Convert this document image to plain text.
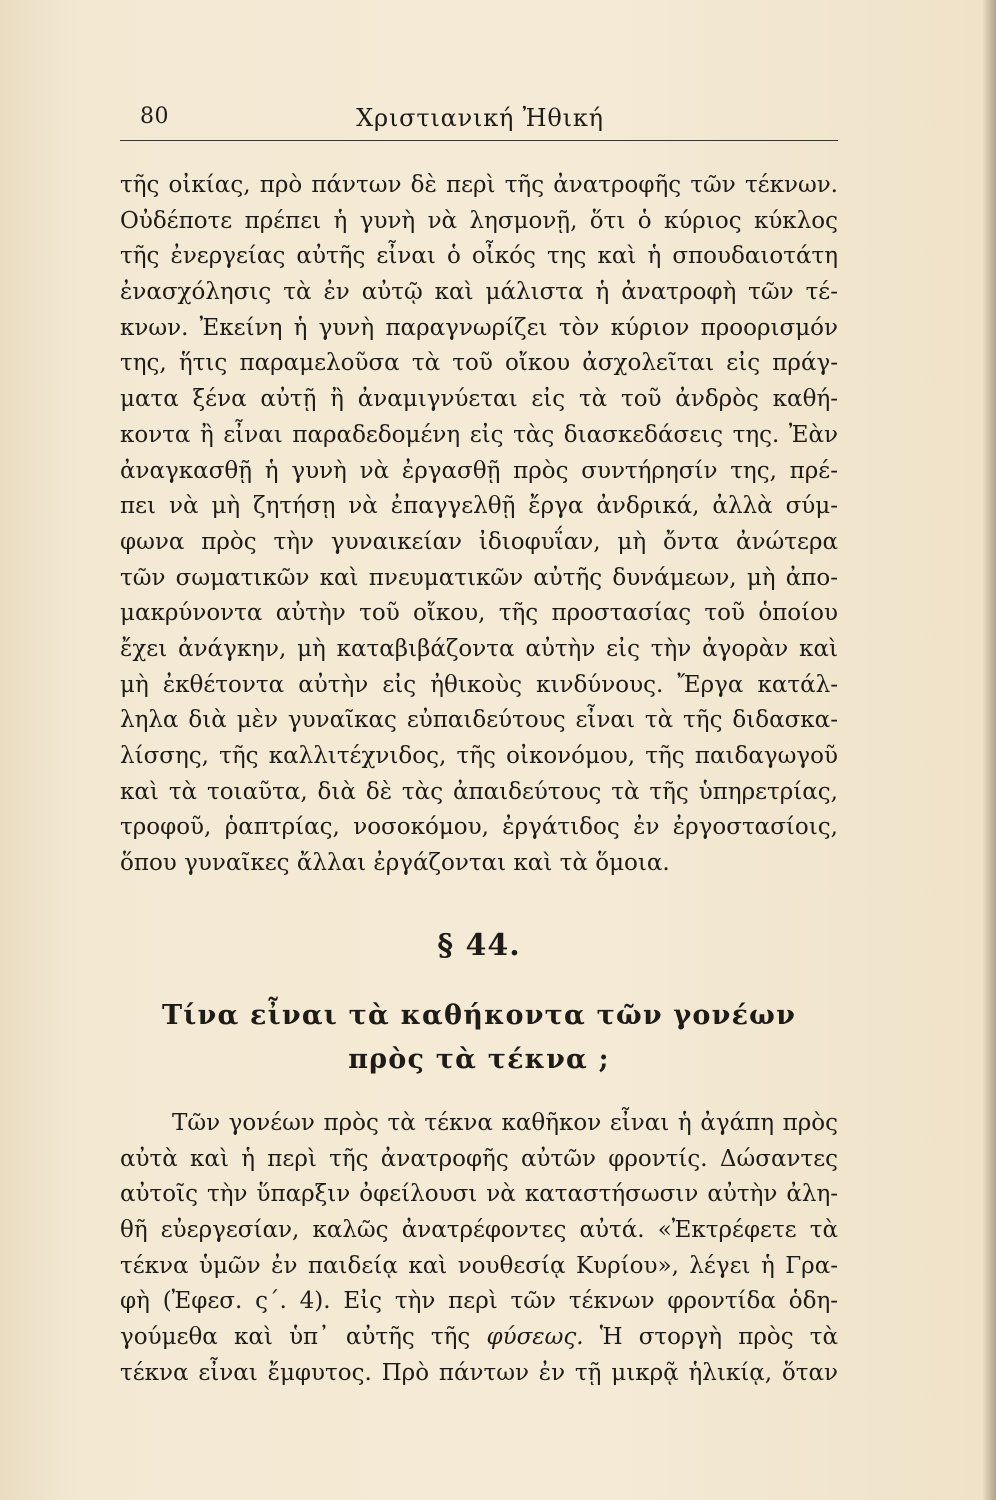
80	Χριστιανική Ἠθική
τῆς οἰκίας, πρὸ πάντων δὲ περὶ τῆς ἀνατροφῆς τῶν τέκνων.
Οὐδέποτε πρέπει ἡ γυνὴ νὰ λησμονῇ, ὅτι ὁ κύριος κύκλος
τῆς ἐνεργείας αὐτῆς εἶναι ὁ οἶκός της καὶ ἡ σπουδαιοτάτη
ἐνασχόλησις τὰ ἐν αὐτῷ καὶ μάλιστα ἡ ἀνατροφὴ τῶν τέ-
κνων. Ἐκείνη ἡ γυνὴ παραγνωρίζει τὸν κύριον προορισμόν
της, ἥτις παραμελοῦσα τὰ τοῦ οἴκου ἀσχολεῖται εἰς πράγ-
ματα ξένα αὐτῇ ἢ ἀναμιγνύεται εἰς τὰ τοῦ ἀνδρὸς καθή-
κοντα ἢ εἶναι παραδεδομένη εἰς τὰς διασκεδάσεις της. Ἐὰν
ἀναγκασθῇ ἡ γυνὴ νὰ ἐργασθῇ πρὸς συντήρησίν της, πρέ-
πει νὰ μὴ ζητήσῃ νὰ ἐπαγγελθῇ ἔργα ἀνδρικά, ἀλλὰ σύμ-
φωνα πρὸς τὴν γυναικείαν ἰδιοφυΐαν, μὴ ὄντα ἀνώτερα
τῶν σωματικῶν καὶ πνευματικῶν αὐτῆς δυνάμεων, μὴ ἀπο-
μακρύνοντα αὐτὴν τοῦ οἴκου, τῆς προστασίας τοῦ ὁποίου
ἔχει ἀνάγκην, μὴ καταβιβάζοντα αὐτὴν εἰς τὴν ἀγορὰν καὶ
μὴ ἐκθέτοντα αὐτὴν εἰς ἠθικοὺς κινδύνους. Ἔργα κατάλ-
ληλα διὰ μὲν γυναῖκας εὐπαιδεύτους εἶναι τὰ τῆς διδασκα-
λίσσης, τῆς καλλιτέχνιδος, τῆς οἰκονόμου, τῆς παιδαγωγοῦ
καὶ τὰ τοιαῦτα, διὰ δὲ τὰς ἀπαιδεύτους τὰ τῆς ὑπηρετρίας,
τροφοῦ, ῥαπτρίας, νοσοκόμου, ἐργάτιδος ἐν ἐργοστασίοις,
ὅπου γυναῖκες ἄλλαι ἐργάζονται καὶ τὰ ὅμοια.
§ 44.
Τίνα εἶναι τὰ καθήκοντα τῶν γονέων
πρὸς τὰ τέκνα ;
Τῶν γονέων πρὸς τὰ τέκνα καθῆκον εἶναι ἡ ἀγάπη πρὸς
αὐτὰ καὶ ἡ περὶ τῆς ἀνατροφῆς αὐτῶν φροντίς. Δώσαντες
αὐτοῖς τὴν ὕπαρξιν ὀφείλουσι νὰ καταστήσωσιν αὐτὴν ἀλη-
θῆ εὐεργεσίαν, καλῶς ἀνατρέφοντες αὐτά. «Ἐκτρέφετε τὰ
τέκνα ὑμῶν ἐν παιδείᾳ καὶ νουθεσίᾳ Κυρίου», λέγει ἡ Γρα-
φὴ (Ἐφεσ. ς΄. 4). Εἰς τὴν περὶ τῶν τέκνων φροντίδα ὁδη-
γούμεθα καὶ ὑπ᾽ αὐτῆς τῆς φύσεως. Ἡ στοργὴ πρὸς τὰ
τέκνα εἶναι ἔμφυτος. Πρὸ πάντων ἐν τῇ μικρᾷ ἡλικίᾳ, ὅταν
